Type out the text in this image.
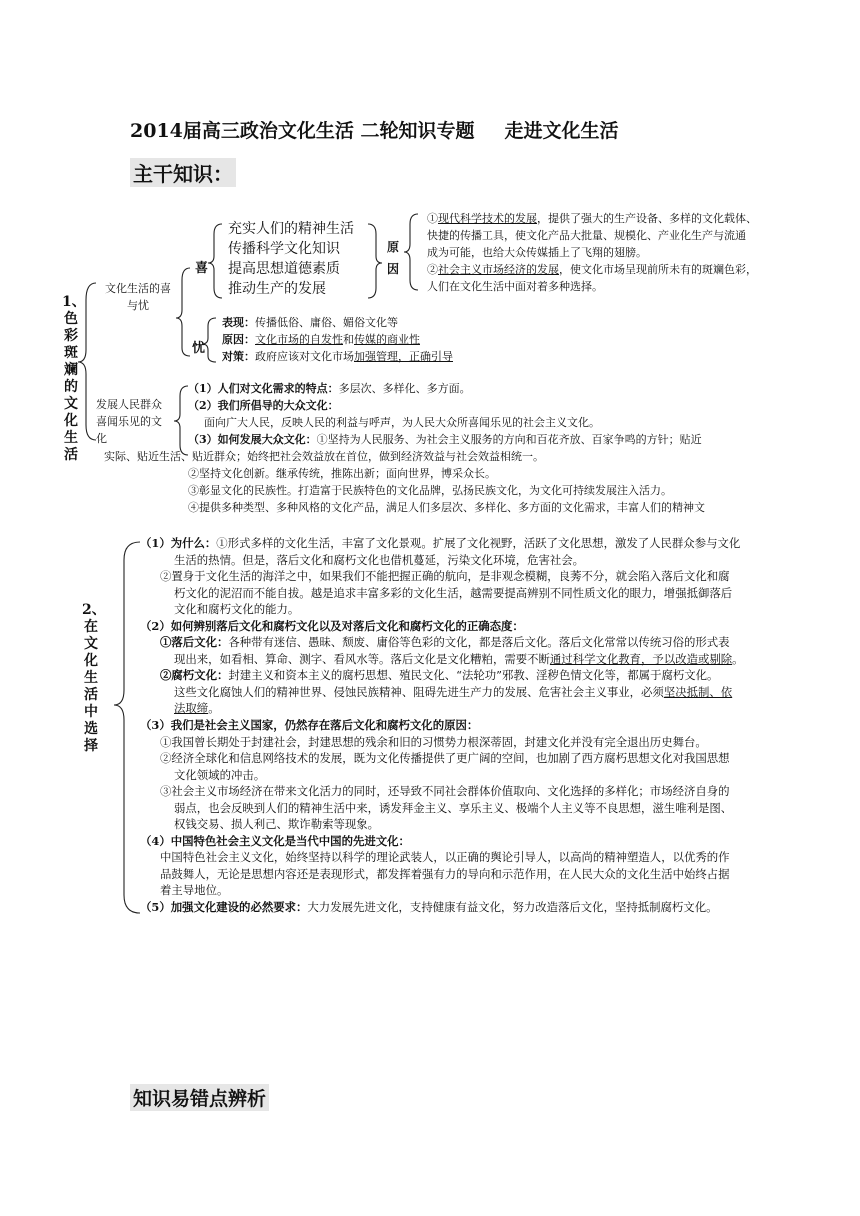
2014届高三政治文化生活 二轮知识专题 走进文化生活
主干知识：
1、色彩斑斓的文化生活
文化生活的喜与忧
喜
忧
充实人们的精神生活
传播科学文化知识
提高思想道德素质
推动生产的发展
原因
①现代科学技术的发展，提供了强大的生产设备、多样的文化载体、
快捷的传播工具，使文化产品大批量、规模化、产业化生产与流通
成为可能，也给大众传媒插上了飞翔的翅膀。
②社会主义市场经济的发展，使文化市场呈现前所未有的斑斓色彩，
人们在文化生活中面对着多种选择。
表现：传播低俗、庸俗、媚俗文化等
原因：文化市场的自发性和传媒的商业性
对策：政府应该对文化市场加强管理，正确引导
发展人民群众喜闻乐见的文化
（1）人们对文化需求的特点：多层次、多样化、多方面。
（2）我们所倡导的大众文化：
面向广大人民，反映人民的利益与呼声，为人民大众所喜闻乐见的社会主义文化。
（3）如何发展大众文化：①坚持为人民服务、为社会主义服务的方向和百花齐放、百家争鸣的方针；贴近
实际、贴近生活、贴近群众；始终把社会效益放在首位，做到经济效益与社会效益相统一。
②坚持文化创新。继承传统，推陈出新；面向世界，博采众长。
③彰显文化的民族性。打造富于民族特色的文化品牌，弘扬民族文化，为文化可持续发展注入活力。
④提供多种类型、多种风格的文化产品，满足人们多层次、多样化、多方面的文化需求，丰富人们的精神文
2、在文化生活中选择
（1）为什么：①形式多样的文化生活，丰富了文化景观。扩展了文化视野，活跃了文化思想，激发了人民群众参与文化
生活的热情。但是，落后文化和腐朽文化也借机蔓延，污染文化环境，危害社会。
②置身于文化生活的海洋之中，如果我们不能把握正确的航向，是非观念模糊，良莠不分，就会陷入落后文化和腐
朽文化的泥沼而不能自拔。越是追求丰富多彩的文化生活，越需要提高辨别不同性质文化的眼力，增强抵御落后
文化和腐朽文化的能力。
（2）如何辨别落后文化和腐朽文化以及对落后文化和腐朽文化的正确态度：
①落后文化：各种带有迷信、愚昧、颓废、庸俗等色彩的文化，都是落后文化。落后文化常常以传统习俗的形式表
现出来，如看相、算命、测字、看风水等。落后文化是文化糟粕，需要不断通过科学文化教育，予以改造或剔除。
②腐朽文化：封建主义和资本主义的腐朽思想、殖民文化、“法轮功”邪教、淫秽色情文化等，都属于腐朽文化。
这些文化腐蚀人们的精神世界、侵蚀民族精神、阻碍先进生产力的发展、危害社会主义事业，必须坚决抵制、依
法取缔。
（3）我们是社会主义国家，仍然存在落后文化和腐朽文化的原因：
①我国曾长期处于封建社会，封建思想的残余和旧的习惯势力根深蒂固，封建文化并没有完全退出历史舞台。
②经济全球化和信息网络技术的发展，既为文化传播提供了更广阔的空间，也加剧了西方腐朽思想文化对我国思想
文化领域的冲击。
③社会主义市场经济在带来文化活力的同时，还导致不同社会群体价值取向、文化选择的多样化；市场经济自身的
弱点，也会反映到人们的精神生活中来，诱发拜金主义、享乐主义、极端个人主义等不良思想，滋生唯利是图、
权钱交易、损人利己、欺诈勒索等现象。
（4）中国特色社会主义文化是当代中国的先进文化：
中国特色社会主义文化，始终坚持以科学的理论武装人，以正确的舆论引导人，以高尚的精神塑造人，以优秀的作
品鼓舞人，无论是思想内容还是表现形式，都发挥着强有力的导向和示范作用，在人民大众的文化生活中始终占据
着主导地位。
（5）加强文化建设的必然要求：大力发展先进文化，支持健康有益文化，努力改造落后文化，坚持抵制腐朽文化。
知识易错点辨析
